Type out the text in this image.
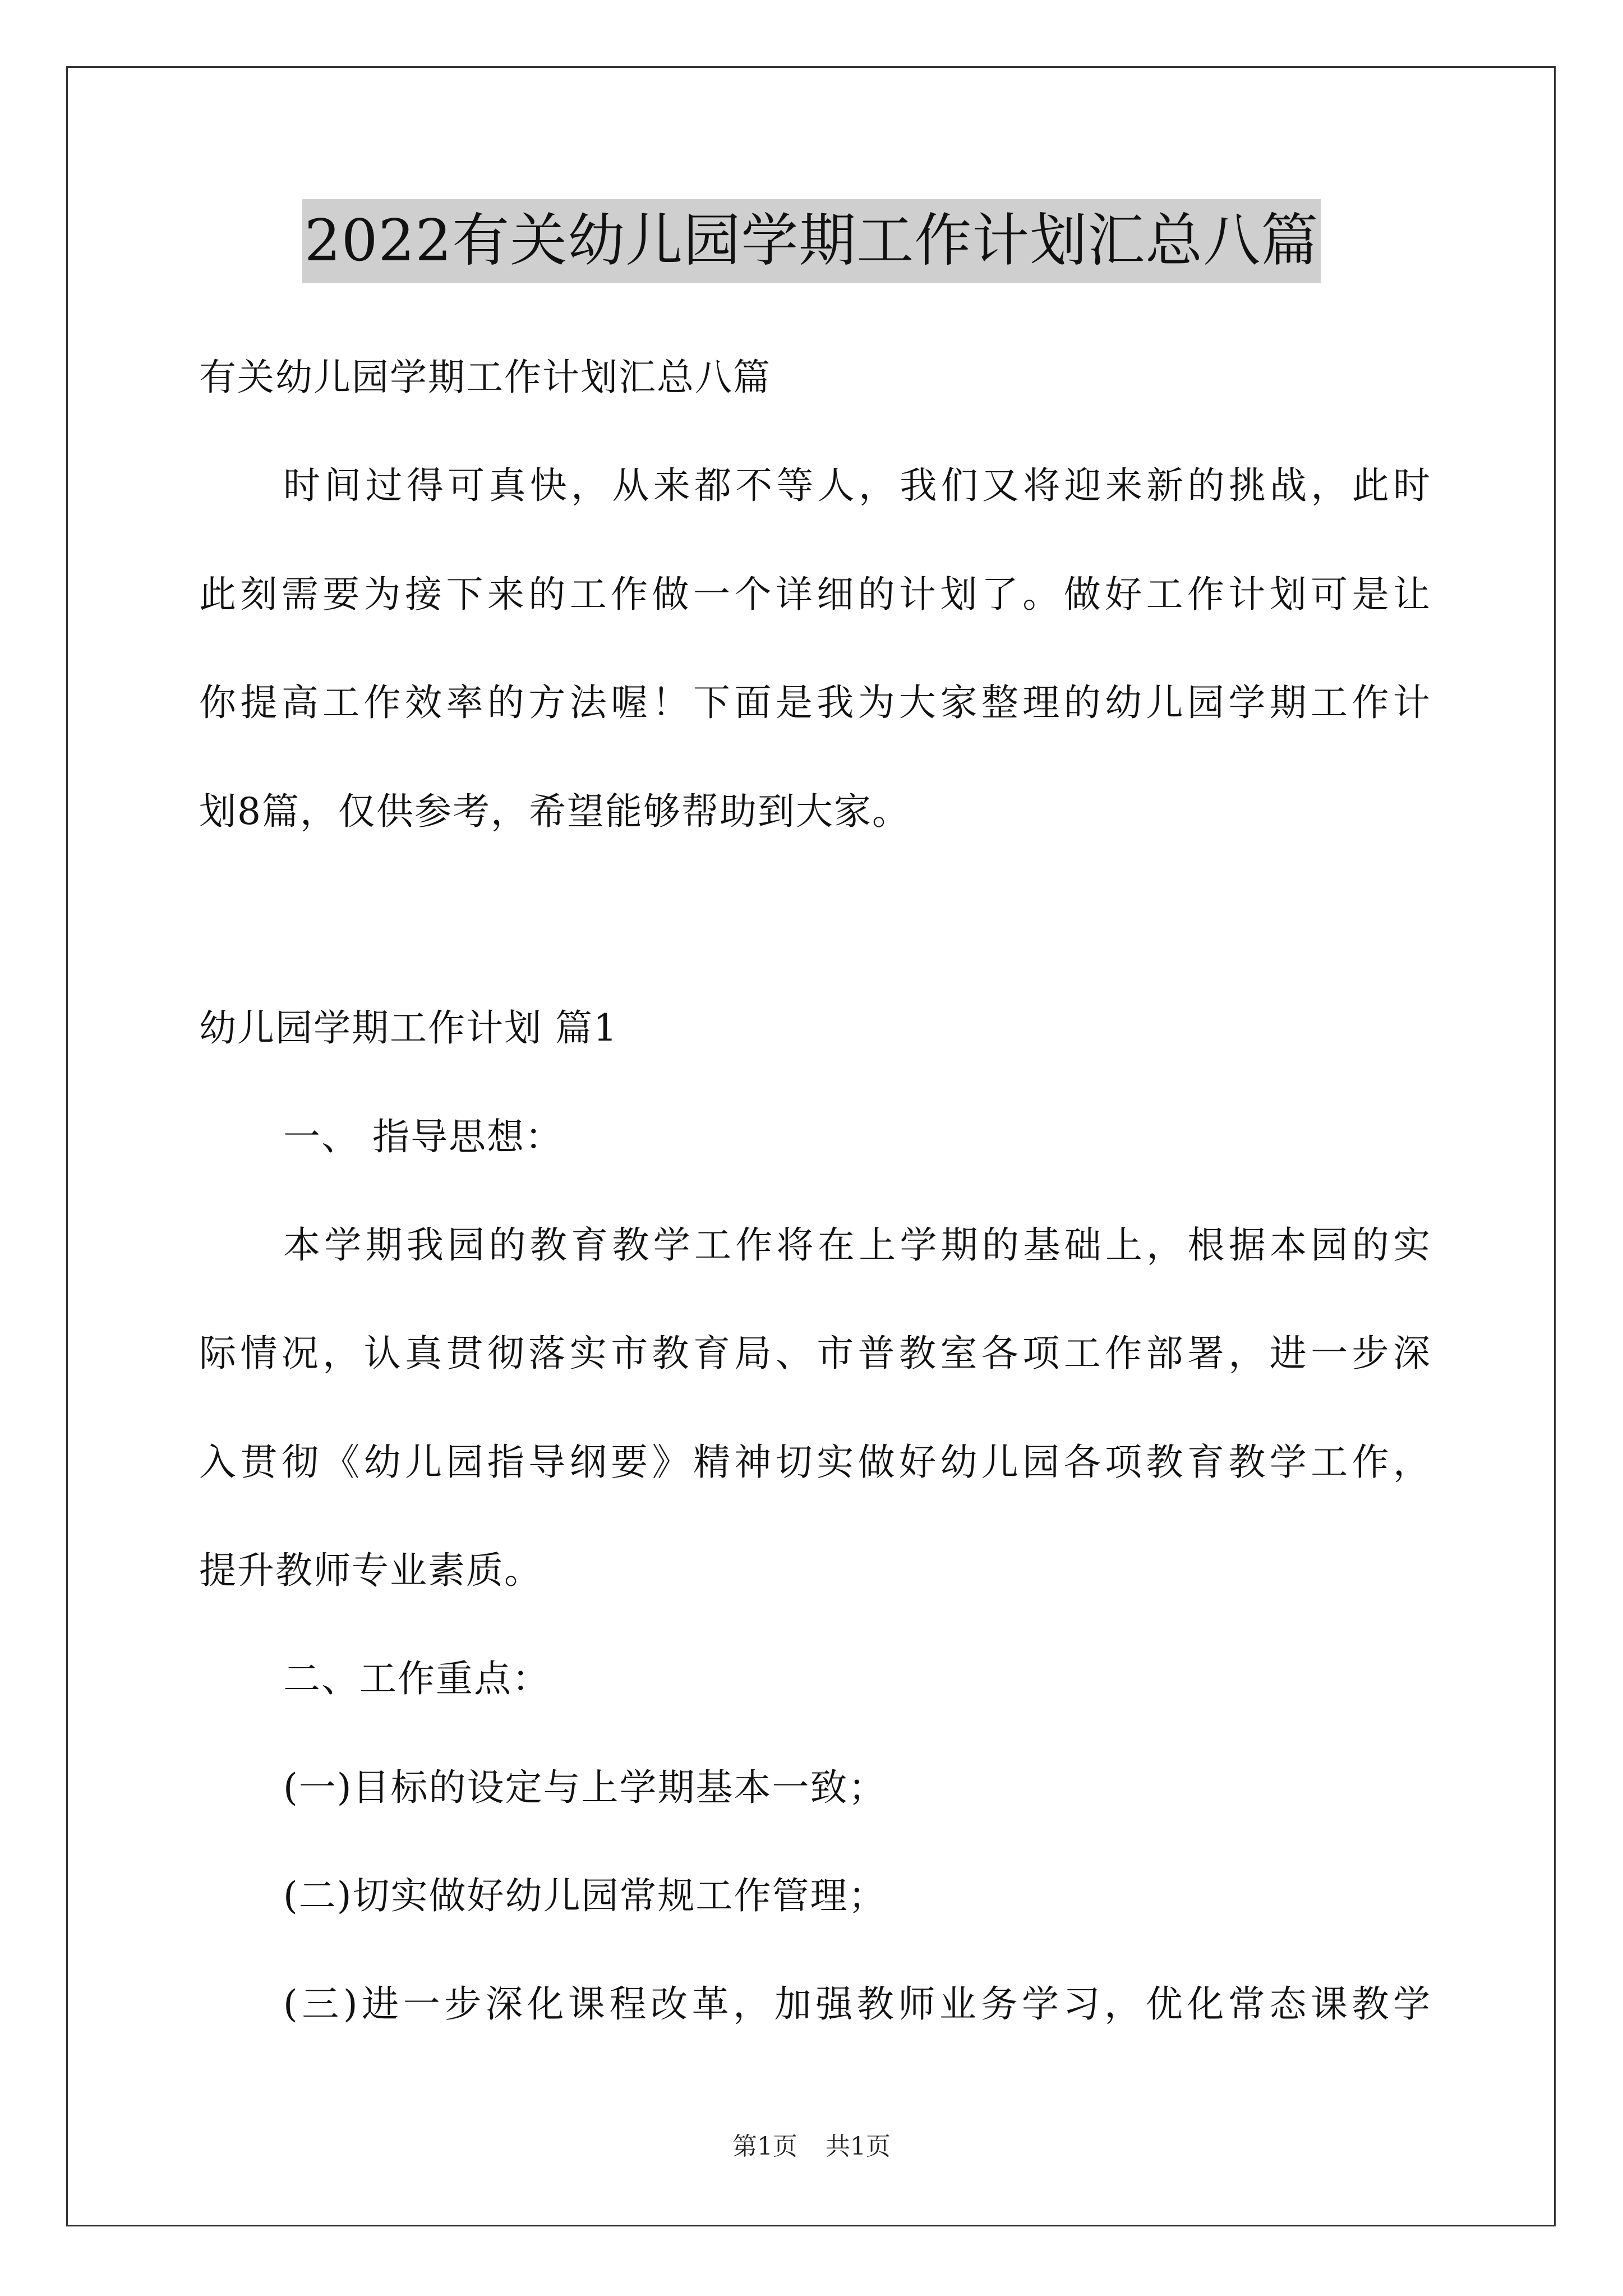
2022有关幼儿园学期工作计划汇总八篇
有关幼儿园学期工作计划汇总八篇
时间过得可真快，从来都不等人，我们又将迎来新的挑战，此时
此刻需要为接下来的工作做一个详细的计划了。做好工作计划可是让
你提高工作效率的方法喔！下面是我为大家整理的幼儿园学期工作计
划8篇，仅供参考，希望能够帮助到大家。
幼儿园学期工作计划 篇1
一、 指导思想：
本学期我园的教育教学工作将在上学期的基础上，根据本园的实
际情况，认真贯彻落实市教育局、市普教室各项工作部署，进一步深
入贯彻《幼儿园指导纲要》精神切实做好幼儿园各项教育教学工作，
提升教师专业素质。
二、工作重点：
(一)目标的设定与上学期基本一致；
(二)切实做好幼儿园常规工作管理；
(三)进一步深化课程改革，加强教师业务学习，优化常态课教学
第1页 共1页
